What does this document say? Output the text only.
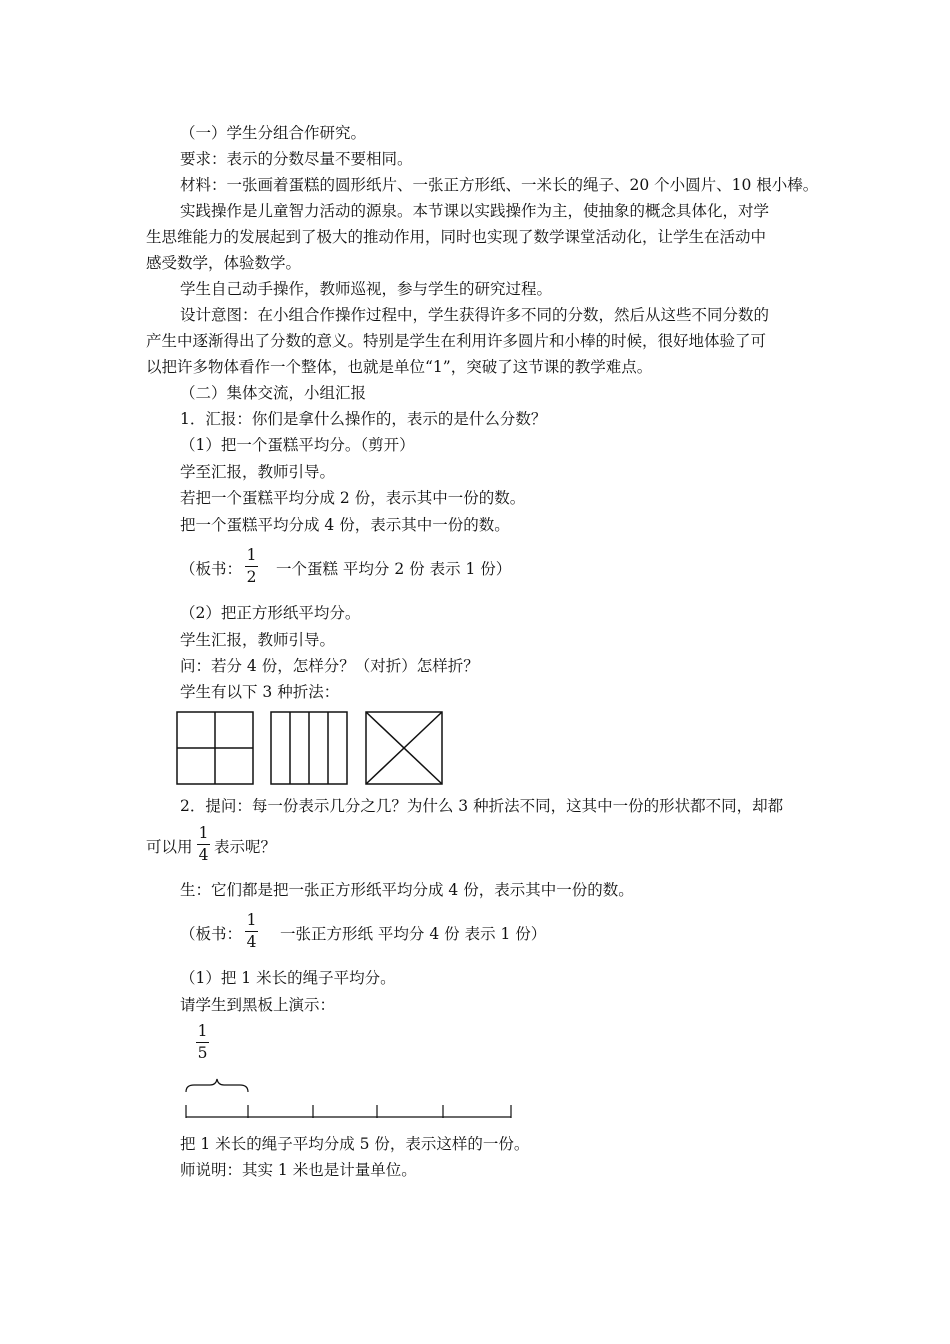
（一）学生分组合作研究。
要求：表示的分数尽量不要相同。
材料：一张画着蛋糕的圆形纸片、一张正方形纸、一米长的绳子、20 个小圆片、10 根小棒。
实践操作是儿童智力活动的源泉。本节课以实践操作为主，使抽象的概念具体化，对学
生思维能力的发展起到了极大的推动作用，同时也实现了数学课堂活动化，让学生在活动中
感受数学，体验数学。
学生自己动手操作，教师巡视，参与学生的研究过程。
设计意图：在小组合作操作过程中，学生获得许多不同的分数，然后从这些不同分数的
产生中逐渐得出了分数的意义。特别是学生在利用许多圆片和小棒的时候，很好地体验了可
以把许多物体看作一个整体，也就是单位“1”，突破了这节课的教学难点。
（二）集体交流，小组汇报
1．汇报：你们是拿什么操作的，表示的是什么分数？
（1）把一个蛋糕平均分。（剪开）
学至汇报，教师引导。
若把一个蛋糕平均分成 2 份，表示其中一份的数。
把一个蛋糕平均分成 4 份，表示其中一份的数。
（板书：
1
2 一个蛋糕 平均分 2 份 表示 1 份）
（2）把正方形纸平均分。
学生汇报，教师引导。
问：若分 4 份，怎样分？（对折）怎样折？
学生有以下 3 种折法：
2．提问：每一份表示几分之几？为什么 3 种折法不同，这其中一份的形状都不同，却都
可以用
1
4 表示呢？
生：它们都是把一张正方形纸平均分成 4 份，表示其中一份的数。
（板书：
1
4 一张正方形纸 平均分 4 份 表示 1 份）
（1）把 1 米长的绳子平均分。
请学生到黑板上演示：
1
5
把 1 米长的绳子平均分成 5 份，表示这样的一份。
师说明：其实 1 米也是计量单位。
